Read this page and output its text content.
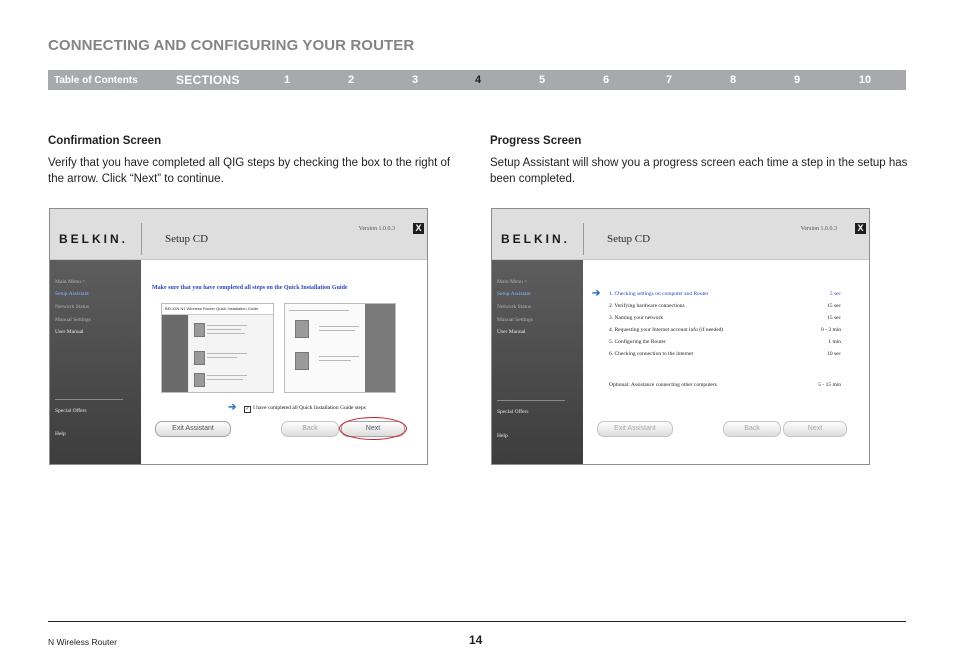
CONNECTING AND CONFIGURING YOUR ROUTER
Table of Contents	SECTIONS	1	2	3	4	5	6	7	8	9	10
Confirmation Screen

Verify that you have completed all QIG steps by checking the box to the right of the arrow. Click “Next” to continue.

Progress Screen

Setup Assistant will show you a progress screen each time a step in the setup has been completed.

BELKIN.	Setup CD
Version 1.0.0.3 X
Main Menu >
Setup Assistant
Network Status
Manual Settings
User Manual
Special Offers
Help
Make sure that you have completed all steps on the Quick Installation Guide
BELKIN N1 Wireless Router Quick Installation Guide
➔ ✓ I have completed all Quick Installation Guide steps
Exit Assistant	Back	Next
BELKIN.	Setup CD
Version 1.0.0.3 X
Main Menu >
Setup Assistant
Network Status
Manual Settings
User Manual
Special Offers
Help
➔ 1. Checking settings on computer and Router	5 sec
2. Verifying hardware connections	15 sec
3. Naming your network	15 sec
4. Requesting your Internet account info (if needed)	0 - 3 min
5. Configuring the Router	1 min
6. Checking connection to the internet	10 sec
Optional: Assistance connecting other computers	5 - 15 min
Exit Assistant	Back	Next
N Wireless Router	14
